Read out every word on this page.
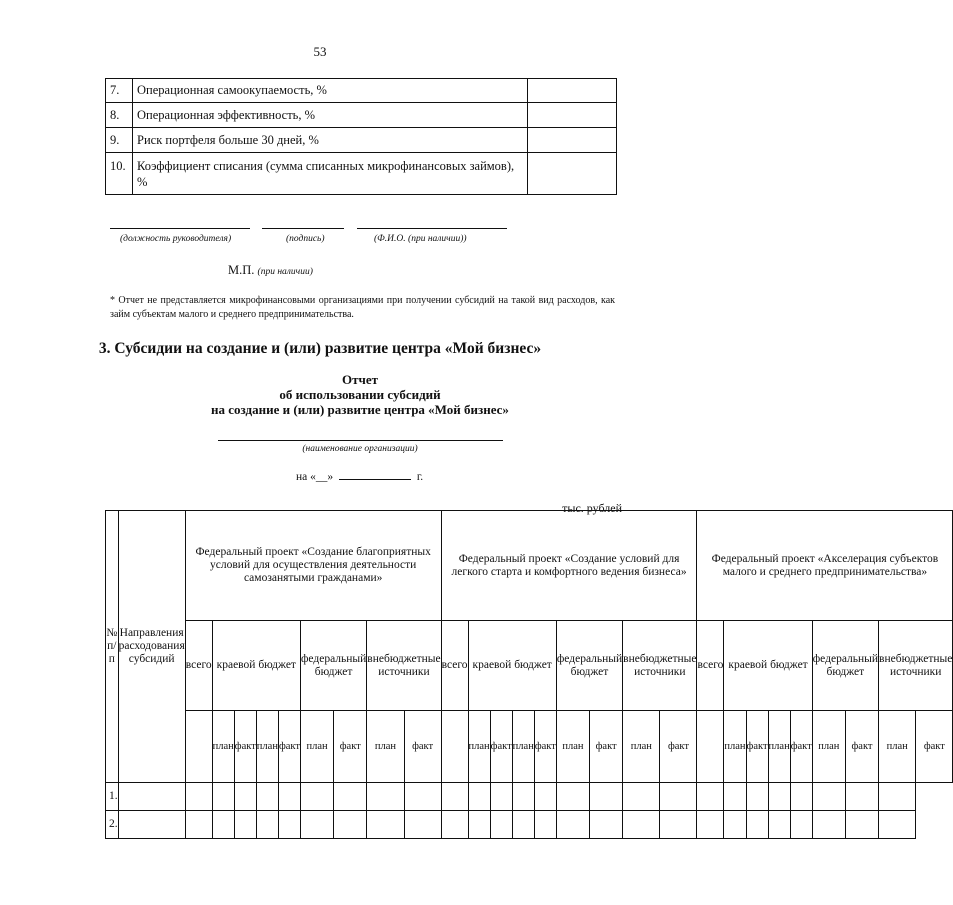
53
7.	Операционная самоокупаемость, %	
8.	Операционная эффективность, %	
9.	Риск портфеля больше 30 дней, %	
10.	Коэффициент списания (сумма списанных микрофинансовых займов), %	
(должность руководителя)	(подпись)	(Ф.И.О. (при наличии))
М.П. (при наличии)
* Отчет не представляется микрофинансовыми организациями при получении субсидий на такой вид расходов, как займ субъектам малого и среднего предпринимательства.
3. Субсидии на создание и (или) развитие центра «Мой бизнес»
Отчет
об использовании субсидий
на создание и (или) развитие центра «Мой бизнес»
(наименование организации)
на «__»	г.
тыс. рублей
№ п/п	Направления расходования субсидий	Федеральный проект «Создание благоприятных условий для осуществления деятельности самозанятыми гражданами»									Федеральный проект «Создание условий для легкого старта и комфортного ведения бизнеса»									Федеральный проект «Акселерация субъектов малого и среднего предпринимательства»								
		всего	краевой бюджет				федеральный бюджет		внебюджетные источники		всего	краевой бюджет				федеральный бюджет		внебюджетные источники		всего	краевой бюджет				федеральный бюджет		внебюджетные источники	
			план	факт	план	факт	план	факт	план	факт		план	факт	план	факт	план	факт	план	факт		план	факт	план	факт	план	факт	план	факт
1.																												
2.																												
